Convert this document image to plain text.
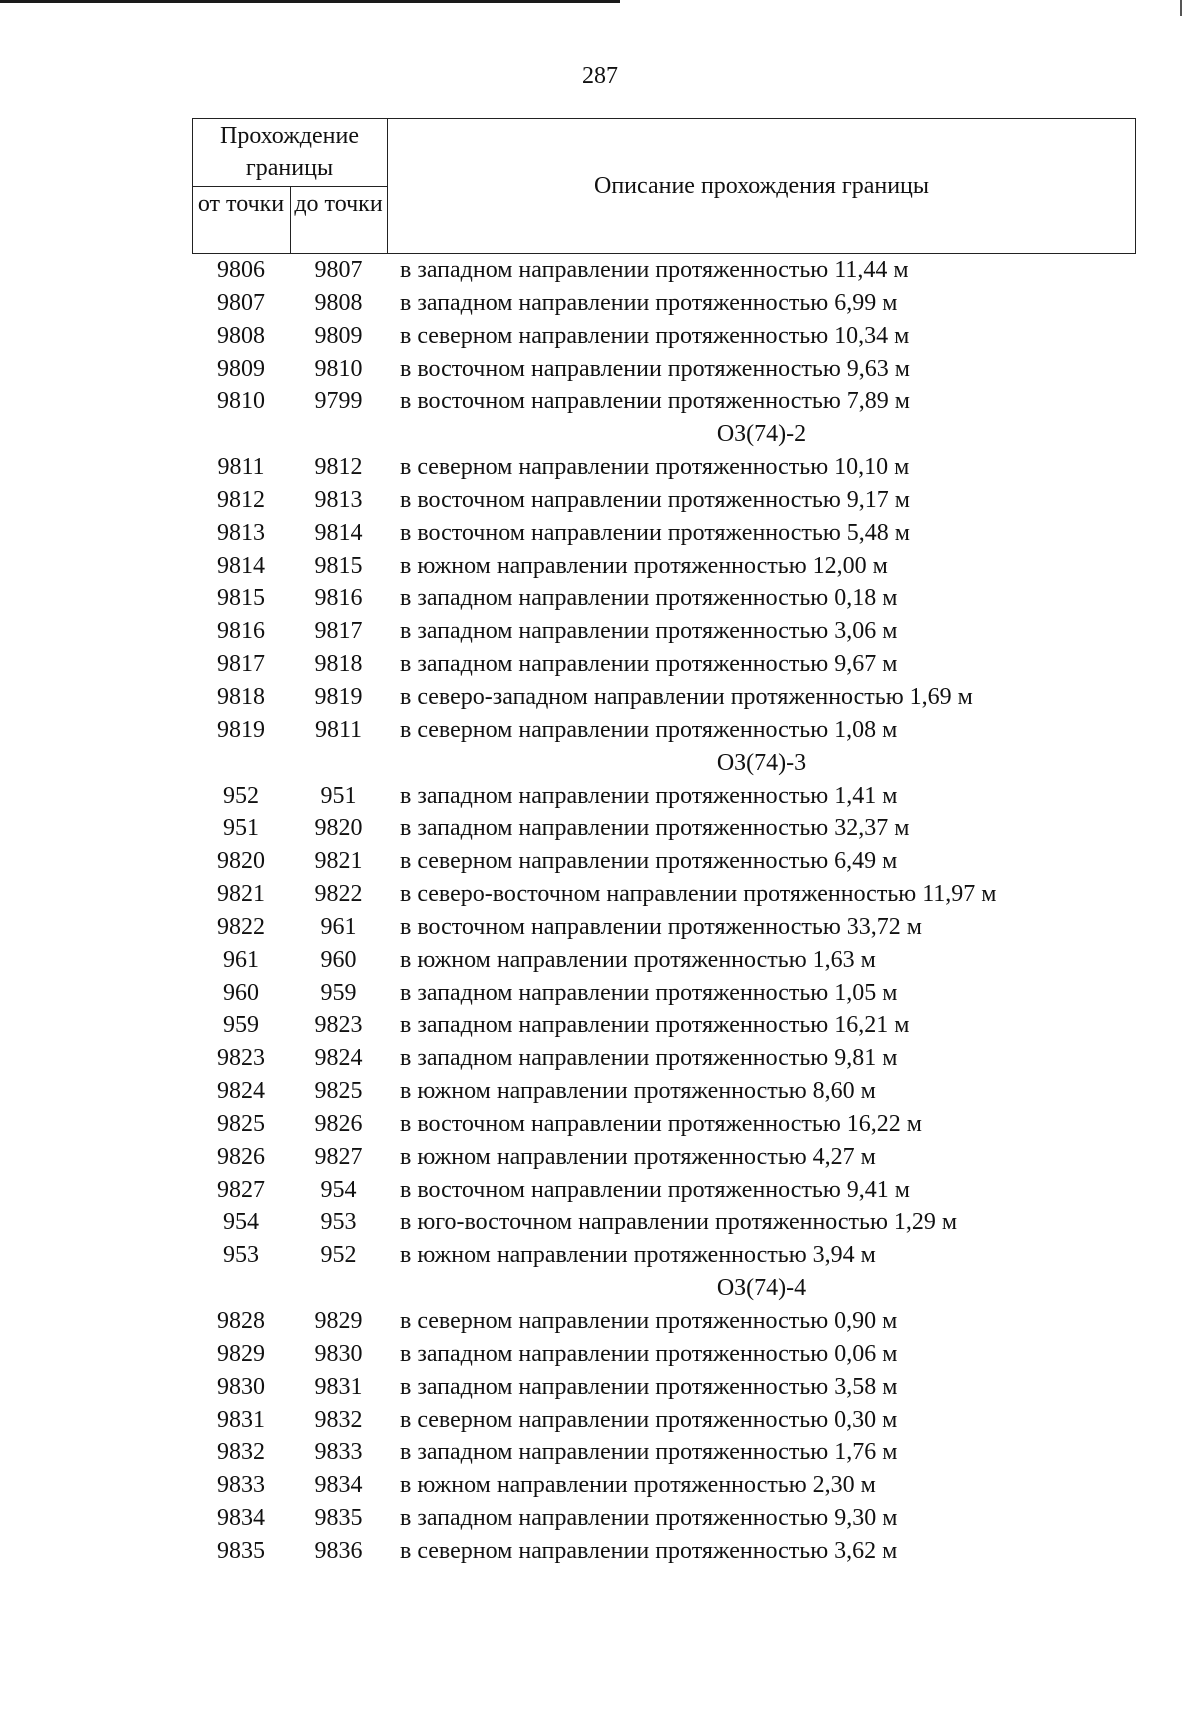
287
Прохождение границы
от точки до точки
Описание прохождения границы
9806	9807	в западном направлении протяженностью 11,44 м
9807	9808	в западном направлении протяженностью 6,99 м
9808	9809	в северном направлении протяженностью 10,34 м
9809	9810	в восточном направлении протяженностью 9,63 м
9810	9799	в восточном направлении протяженностью 7,89 м
ОЗ(74)-2
9811	9812	в северном направлении протяженностью 10,10 м
9812	9813	в восточном направлении протяженностью 9,17 м
9813	9814	в восточном направлении протяженностью 5,48 м
9814	9815	в южном направлении протяженностью 12,00 м
9815	9816	в западном направлении протяженностью 0,18 м
9816	9817	в западном направлении протяженностью 3,06 м
9817	9818	в западном направлении протяженностью 9,67 м
9818	9819	в северо-западном направлении протяженностью 1,69 м
9819	9811	в северном направлении протяженностью 1,08 м
ОЗ(74)-3
952	951	в западном направлении протяженностью 1,41 м
951	9820	в западном направлении протяженностью 32,37 м
9820	9821	в северном направлении протяженностью 6,49 м
9821	9822	в северо-восточном направлении протяженностью 11,97 м
9822	961	в восточном направлении протяженностью 33,72 м
961	960	в южном направлении протяженностью 1,63 м
960	959	в западном направлении протяженностью 1,05 м
959	9823	в западном направлении протяженностью 16,21 м
9823	9824	в западном направлении протяженностью 9,81 м
9824	9825	в южном направлении протяженностью 8,60 м
9825	9826	в восточном направлении протяженностью 16,22 м
9826	9827	в южном направлении протяженностью 4,27 м
9827	954	в восточном направлении протяженностью 9,41 м
954	953	в юго-восточном направлении протяженностью 1,29 м
953	952	в южном направлении протяженностью 3,94 м
ОЗ(74)-4
9828	9829	в северном направлении протяженностью 0,90 м
9829	9830	в западном направлении протяженностью 0,06 м
9830	9831	в западном направлении протяженностью 3,58 м
9831	9832	в северном направлении протяженностью 0,30 м
9832	9833	в западном направлении протяженностью 1,76 м
9833	9834	в южном направлении протяженностью 2,30 м
9834	9835	в западном направлении протяженностью 9,30 м
9835	9836	в северном направлении протяженностью 3,62 м
